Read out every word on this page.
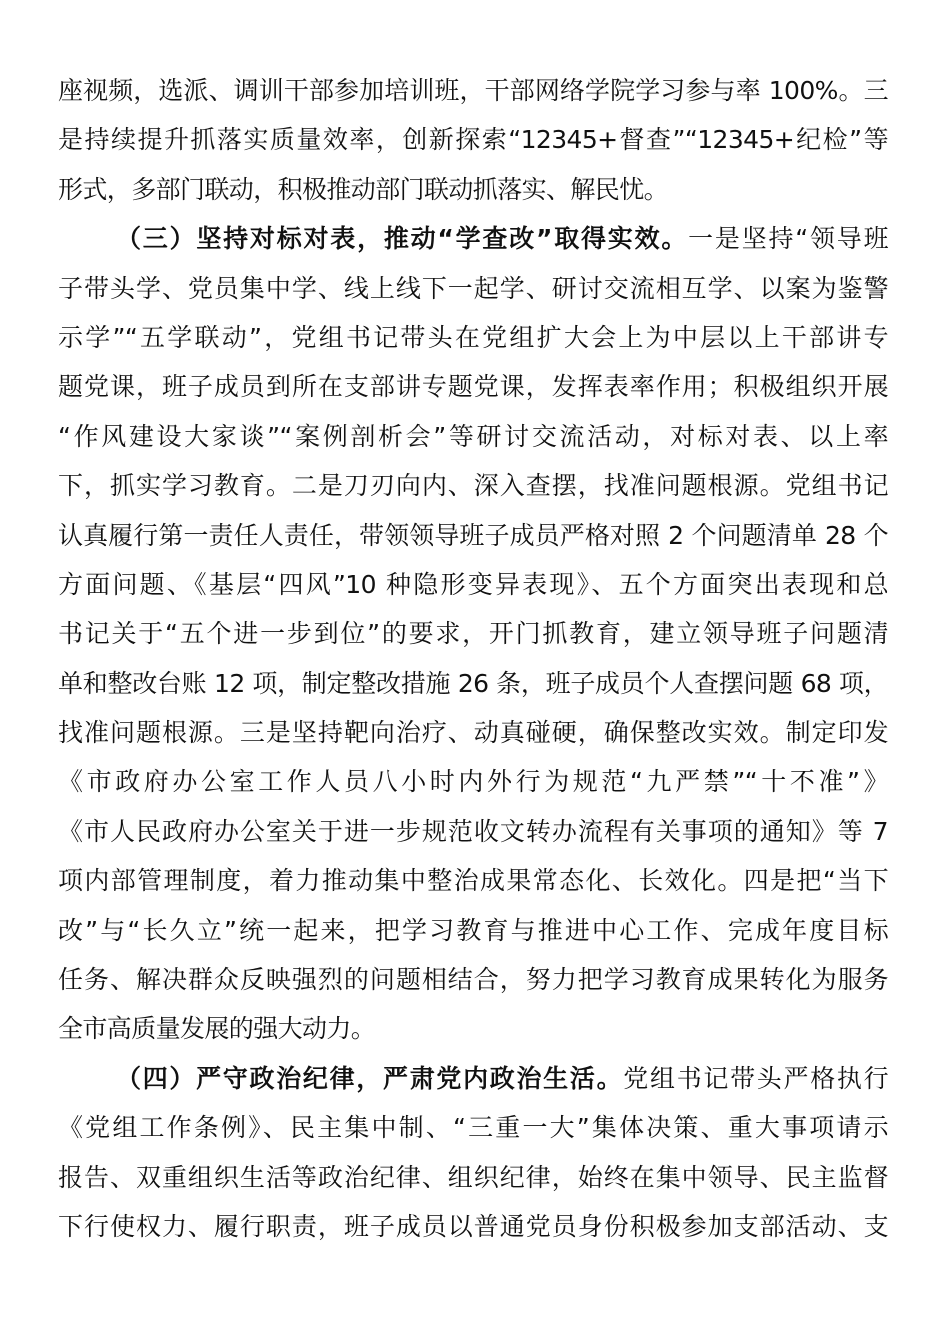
座视频，选派、调训干部参加培训班，干部网络学院学习参与率 100%。三
是持续提升抓落实质量效率，创新探索“12345+督查”“12345+纪检”等
形式，多部门联动，积极推动部门联动抓落实、解民忧。
（三）坚持对标对表，推动“学查改”取得实效。一是坚持“领导班
子带头学、党员集中学、线上线下一起学、研讨交流相互学、以案为鉴警
示学”“五学联动”，党组书记带头在党组扩大会上为中层以上干部讲专
题党课，班子成员到所在支部讲专题党课，发挥表率作用；积极组织开展
“作风建设大家谈”“案例剖析会”等研讨交流活动，对标对表、以上率
下，抓实学习教育。二是刀刃向内、深入查摆，找准问题根源。党组书记
认真履行第一责任人责任，带领领导班子成员严格对照 2 个问题清单 28 个
方面问题、《基层“四风”10 种隐形变异表现》、五个方面突出表现和总
书记关于“五个进一步到位”的要求，开门抓教育，建立领导班子问题清
单和整改台账 12 项，制定整改措施 26 条，班子成员个人查摆问题 68 项，
找准问题根源。三是坚持靶向治疗、动真碰硬，确保整改实效。制定印发
《市政府办公室工作人员八小时内外行为规范“九严禁”“十不准”》
《市人民政府办公室关于进一步规范收文转办流程有关事项的通知》等 7
项内部管理制度，着力推动集中整治成果常态化、长效化。四是把“当下
改”与“长久立”统一起来，把学习教育与推进中心工作、完成年度目标
任务、解决群众反映强烈的问题相结合，努力把学习教育成果转化为服务
全市高质量发展的强大动力。
（四）严守政治纪律，严肃党内政治生活。党组书记带头严格执行
《党组工作条例》、民主集中制、“三重一大”集体决策、重大事项请示
报告、双重组织生活等政治纪律、组织纪律，始终在集中领导、民主监督
下行使权力、履行职责，班子成员以普通党员身份积极参加支部活动、支
